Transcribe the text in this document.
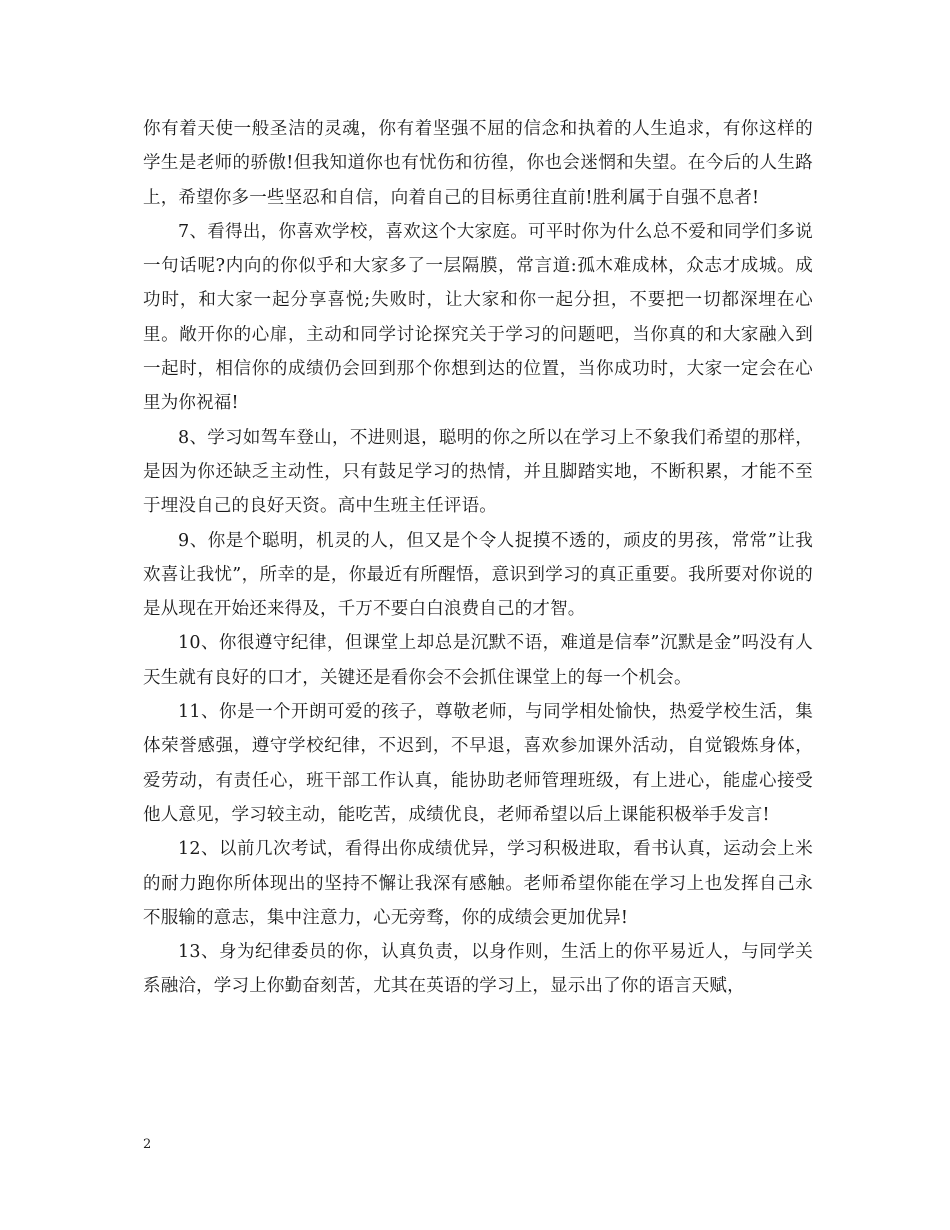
你有着天使一般圣洁的灵魂，你有着坚强不屈的信念和执着的人生追求，有你这样的学生是老师的骄傲!但我知道你也有忧伤和彷徨，你也会迷惘和失望。在今后的人生路上，希望你多一些坚忍和自信，向着自己的目标勇往直前!胜利属于自强不息者!

7、看得出，你喜欢学校，喜欢这个大家庭。可平时你为什么总不爱和同学们多说一句话呢?内向的你似乎和大家多了一层隔膜，常言道:孤木难成林，众志才成城。成功时，和大家一起分享喜悦;失败时，让大家和你一起分担，不要把一切都深埋在心里。敞开你的心扉，主动和同学讨论探究关于学习的问题吧，当你真的和大家融入到一起时，相信你的成绩仍会回到那个你想到达的位置，当你成功时，大家一定会在心里为你祝福!

8、学习如驾车登山，不进则退，聪明的你之所以在学习上不象我们希望的那样，是因为你还缺乏主动性，只有鼓足学习的热情，并且脚踏实地，不断积累，才能不至于埋没自己的良好天资。高中生班主任评语。

9、你是个聪明，机灵的人，但又是个令人捉摸不透的，顽皮的男孩，常常”让我欢喜让我忧”，所幸的是，你最近有所醒悟，意识到学习的真正重要。我所要对你说的是从现在开始还来得及，千万不要白白浪费自己的才智。

10、你很遵守纪律，但课堂上却总是沉默不语，难道是信奉”沉默是金”吗没有人天生就有良好的口才，关键还是看你会不会抓住课堂上的每一个机会。

11、你是一个开朗可爱的孩子，尊敬老师，与同学相处愉快，热爱学校生活，集体荣誉感强，遵守学校纪律，不迟到，不早退，喜欢参加课外活动，自觉锻炼身体，爱劳动，有责任心，班干部工作认真，能协助老师管理班级，有上进心，能虚心接受他人意见，学习较主动，能吃苦，成绩优良，老师希望以后上课能积极举手发言!

12、以前几次考试，看得出你成绩优异，学习积极进取，看书认真，运动会上米的耐力跑你所体现出的坚持不懈让我深有感触。老师希望你能在学习上也发挥自己永不服输的意志，集中注意力，心无旁骛，你的成绩会更加优异!

13、身为纪律委员的你，认真负责，以身作则，生活上的你平易近人，与同学关系融洽，学习上你勤奋刻苦，尤其在英语的学习上，显示出了你的语言天赋，

2
